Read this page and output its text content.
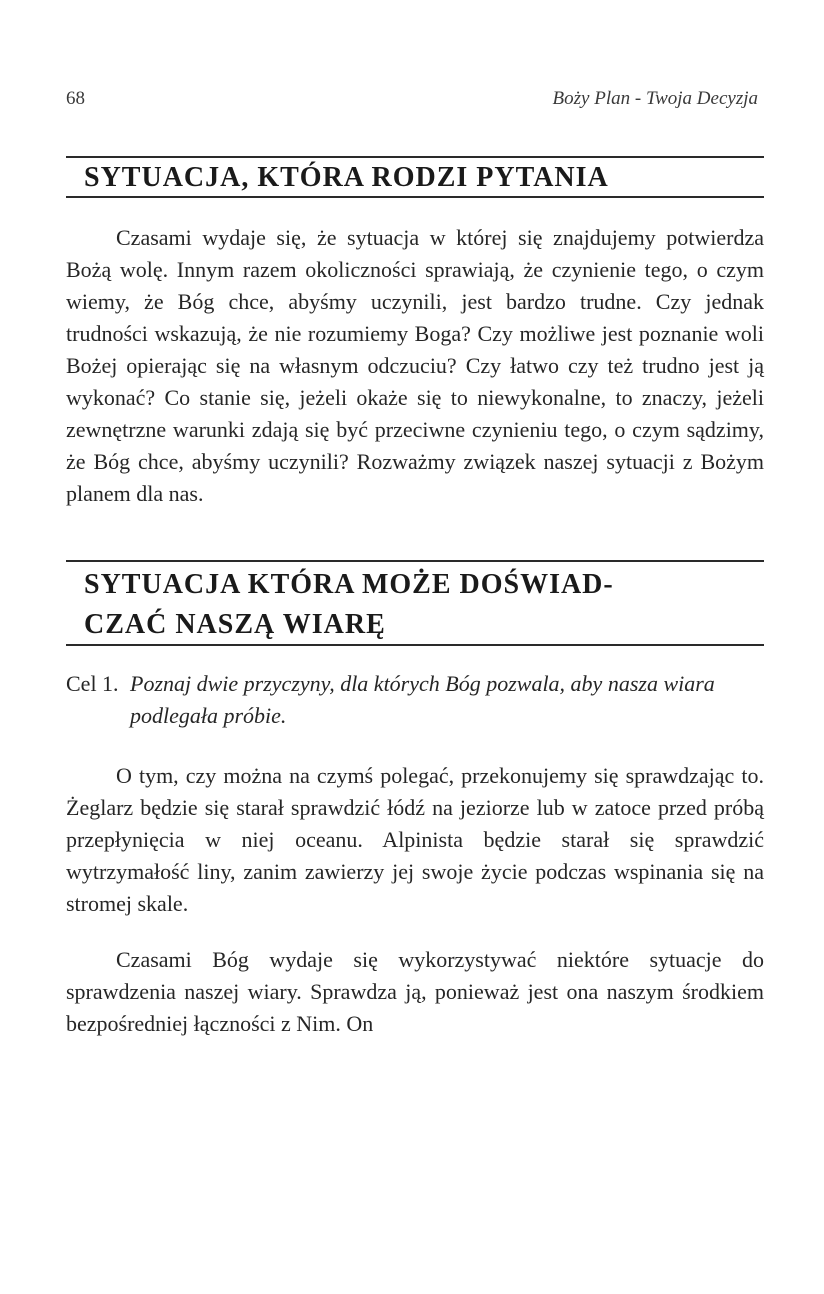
68	Boży Plan - Twoja Decyzja
SYTUACJA, KTÓRA RODZI PYTANIA

Czasami wydaje się, że sytuacja w której się znajdujemy potwierdza Bożą wolę. Innym razem okoliczności sprawiają, że czynienie tego, o czym wiemy, że Bóg chce, abyśmy uczynili, jest bardzo trudne. Czy jednak trudności wskazują, że nie rozumiemy Boga? Czy możliwe jest poznanie woli Bożej opierając się na własnym odczuciu? Czy łatwo czy też trudno jest ją wykonać? Co stanie się, jeżeli okaże się to niewykonalne, to znaczy, jeżeli zewnętrzne warunki zdają się być przeciwne czynieniu tego, o czym sądzimy, że Bóg chce, abyśmy uczynili? Rozważmy związek naszej sytuacji z Bożym planem dla nas.

SYTUACJA KTÓRA MOŻE DOŚWIAD-
CZAĆ NASZĄ WIARĘ

Cel 1. Poznaj dwie przyczyny, dla których Bóg pozwala, aby nasza wiara podlegała próbie.

O tym, czy można na czymś polegać, przekonujemy się sprawdzając to. Żeglarz będzie się starał sprawdzić łódź na jeziorze lub w zatoce przed próbą przepłynięcia w niej oceanu. Alpinista będzie starał się sprawdzić wytrzymałość liny, zanim zawierzy jej swoje życie podczas wspinania się na stromej skale.

Czasami Bóg wydaje się wykorzystywać niektóre sytuacje do sprawdzenia naszej wiary. Sprawdza ją, ponieważ jest ona naszym środkiem bezpośredniej łączności z Nim. On
